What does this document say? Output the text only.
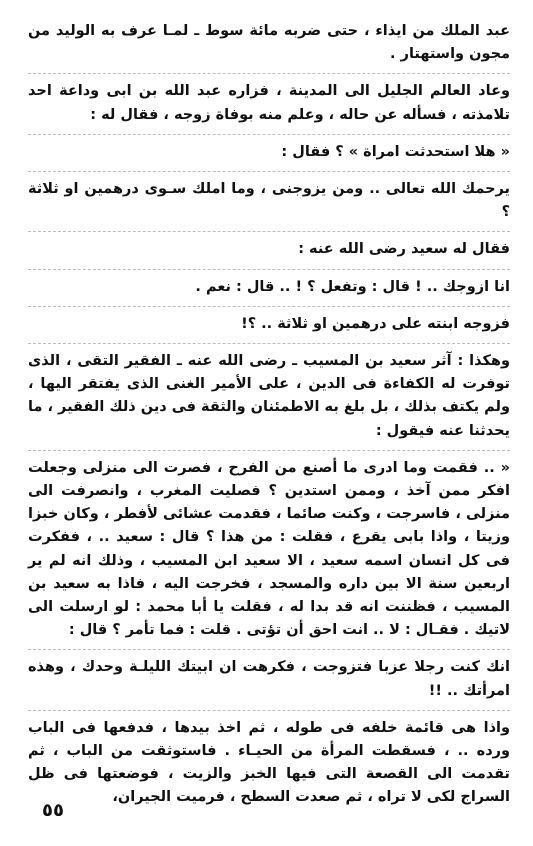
عبد الملك من ايذاء ، حتى ضربه مائة سوط ـ لمـا عرف به الوليد من مجون واستهتار .

وعاد العالم الجليل الى المدينة ، فزاره عبد الله بن ابى وداعة احد تلامذته ، فسأله عن حاله ، وعلم منه بوفاة زوجه ، فقال له :

« هلا استحدثت امراة » ؟ فقال :

يرحمك الله تعالى .. ومن يزوجنى ، وما املك سـوى درهمين او ثلاثة ؟

فقال له سعيد رضى الله عنه :

انا ازوجك .. ! قال : وتفعل ؟ ! .. قال : نعم .

فزوجه ابنته على درهمين او ثلاثة .. ؟!

وهكذا : آثر سعيد بن المسيب ـ رضى الله عنه ـ الفقير التقى ، الذى توفرت له الكفاءة فى الدين ، على الأمير الغنى الذى يفتقر اليها ، ولم يكتف بذلك ، بل بلغ به الاطمئنان والثقة فى دين ذلك الفقير ، ما يحدثنا عنه فيقول :

« .. فقمت وما ادرى ما أصنع من الفرح ، فصرت الى منزلى وجعلت افكر ممن آخذ ، وممن استدين ؟ فصليت المغرب ، وانصرفت الى منزلى ، فاسرجت ، وكنت صائما ، فقدمت عشائى لأفطر ، وكان خبزا وزيتا ، واذا بابى يقرع ، فقلت : من هذا ؟ قال : سعيد .. ، ففكرت فى كل انسان اسمه سعيد ، الا سعيد ابن المسيب ، وذلك انه لم ير اربعين سنة الا بين داره والمسجد ، فخرجت اليه ، فاذا به سعيد بن المسيب ، فظننت انه قد بدا له ، فقلت يا أبا محمد : لو ارسلت الى لاتيك . فقـال : لا .. انت احق أن تؤتى . قلت : فما تأمر ؟ قال :

انك كنت رجلا عزبا فتزوجت ، فكرهت ان ابيتك الليلـة وحدك ، وهذه امرأتك .. !!

واذا هى قائمة خلفه فى طوله ، ثم اخذ بيدها ، فدفعها فى الباب ورده .. ، فسقطت المرأة من الحيـاء . فاستوثقت من الباب ، ثم تقدمت الى القصعة التى فيها الخبز والزيت ، فوضعتها فى ظل السراج لكى لا تراه ، ثم صعدت السطح ، فرميت الجيران،

٥٥
